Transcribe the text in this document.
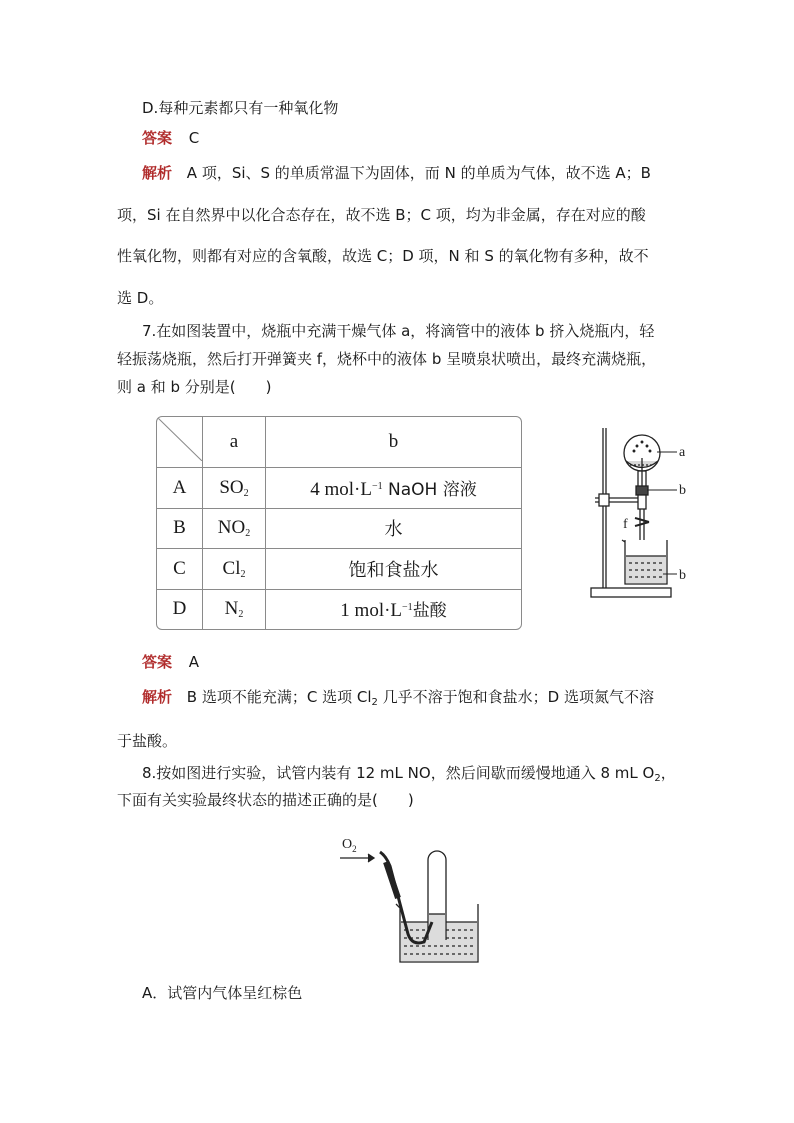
D.每种元素都只有一种氧化物
答案 C
解析 A 项，Si、S 的单质常温下为固体，而 N 的单质为气体，故不选 A；B
项，Si 在自然界中以化合态存在，故不选 B；C 项，均为非金属，存在对应的酸
性氧化物，则都有对应的含氧酸，故选 C；D 项，N 和 S 的氧化物有多种，故不
选 D。
7.在如图装置中，烧瓶中充满干燥气体 a，将滴管中的液体 b 挤入烧瓶内，轻
轻振荡烧瓶，然后打开弹簧夹 f，烧杯中的液体 b 呈喷泉状喷出，最终充满烧瓶，
则 a 和 b 分别是(　　)
	a	b
A	$SO_2$	4 $mol\cdot L^{-1}$ NaOH 溶液
B	$NO_2$	水
C	$Cl_2$	饱和食盐水
D	$N_2$	1 $mol\cdot L^{-1}$盐酸
a
b
f
b
答案 A
解析 B 选项不能充满；C 选项 $Cl_2$ 几乎不溶于饱和食盐水；D 选项氮气不溶
于盐酸。
8.按如图进行实验，试管内装有 12 mL NO，然后间歇而缓慢地通入 8 mL $O_2$，
下面有关实验最终状态的描述正确的是(　　)
$O_2$
A．试管内气体呈红棕色
